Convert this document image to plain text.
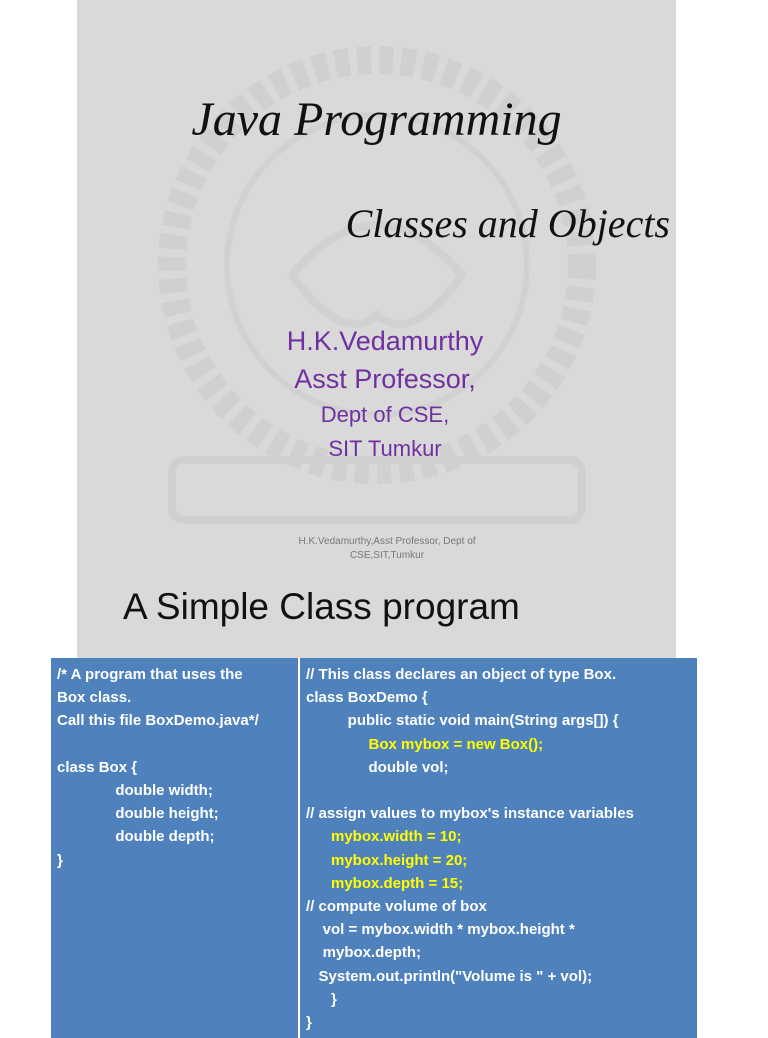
Java Programming
Classes and Objects
H.K.Vedamurthy
Asst Professor,
Dept of CSE,
SIT Tumkur
H.K.Vedamurthy,Asst Professor, Dept of
CSE,SIT,Tumkur
A Simple Class program
/* A program that uses the
Box class.
Call this file BoxDemo.java*/

class Box {
double width;
double height;
double depth;
}
// This class declares an object of type Box.
class BoxDemo {
public static void main(String args[]) {
Box mybox = new Box();
double vol;

// assign values to mybox's instance variables
mybox.width = 10;
mybox.height = 20;
mybox.depth = 15;
// compute volume of box
vol = mybox.width * mybox.height *
mybox.depth;
System.out.println("Volume is " + vol);
}
}
